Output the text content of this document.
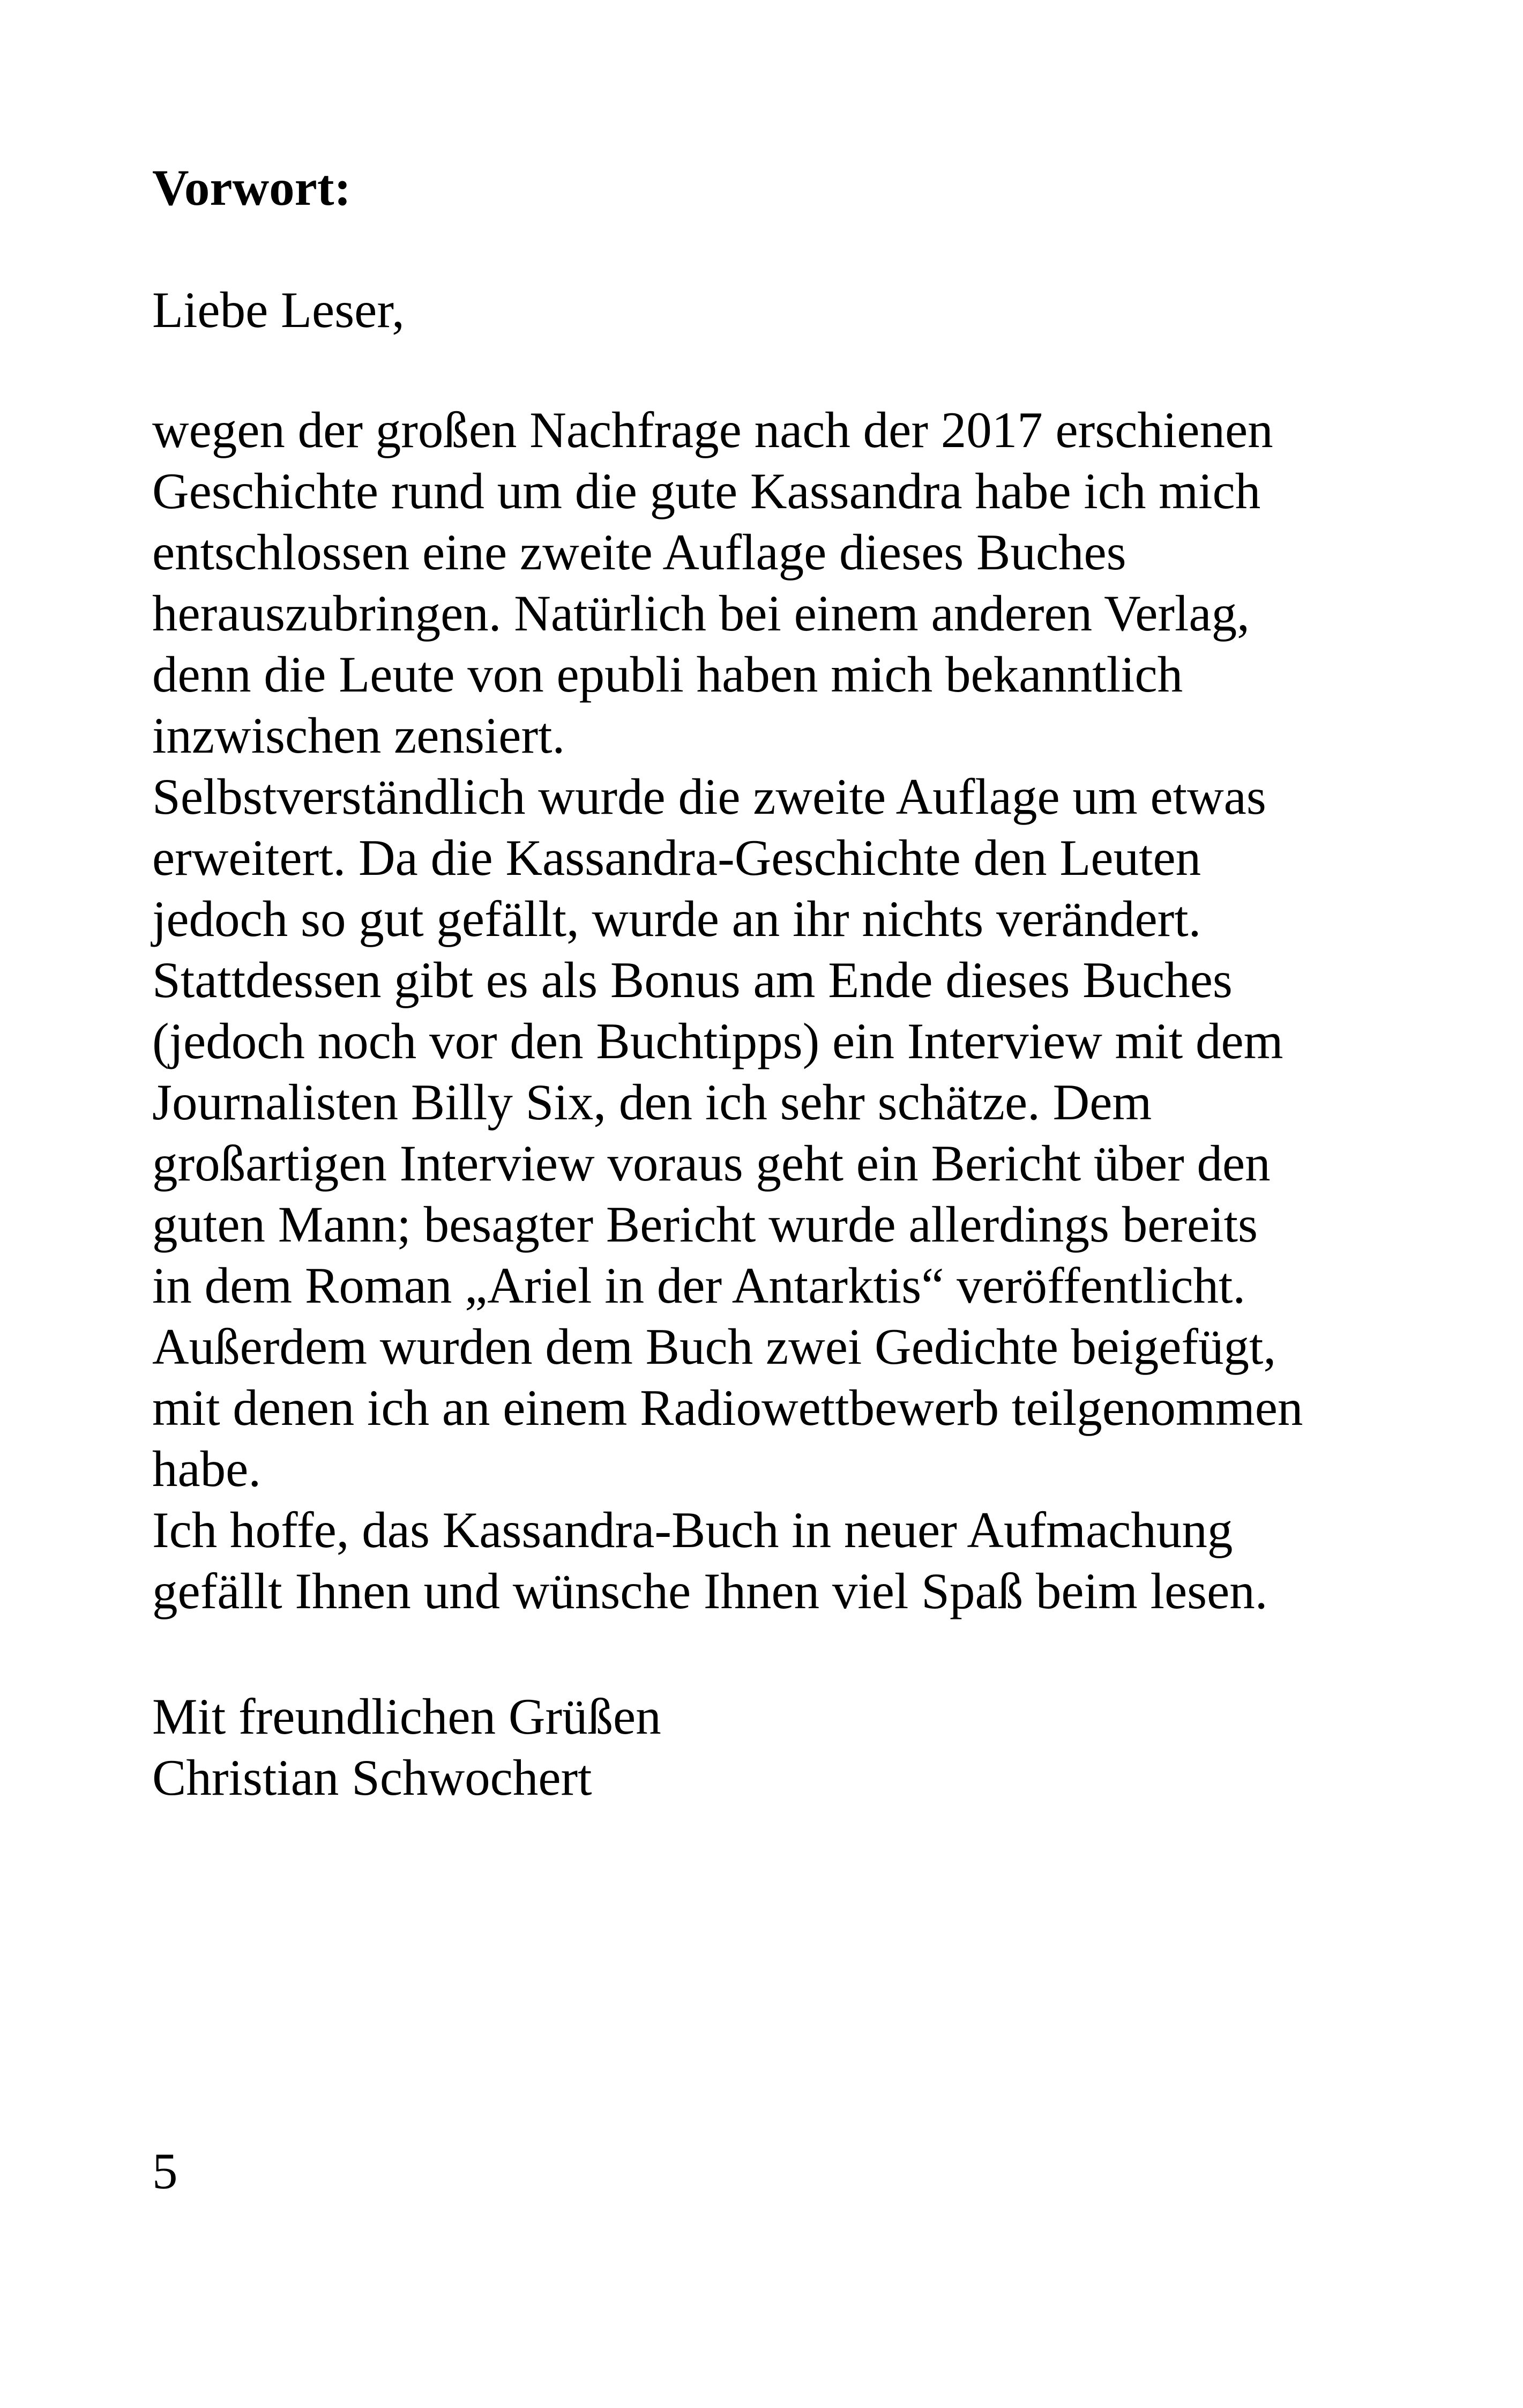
Vorwort:
Liebe Leser,
wegen der großen Nachfrage nach der 2017 erschienen
Geschichte rund um die gute Kassandra habe ich mich
entschlossen eine zweite Auflage dieses Buches
herauszubringen. Natürlich bei einem anderen Verlag,
denn die Leute von epubli haben mich bekanntlich
inzwischen zensiert.
Selbstverständlich wurde die zweite Auflage um etwas
erweitert. Da die Kassandra-Geschichte den Leuten
jedoch so gut gefällt, wurde an ihr nichts verändert.
Stattdessen gibt es als Bonus am Ende dieses Buches
(jedoch noch vor den Buchtipps) ein Interview mit dem
Journalisten Billy Six, den ich sehr schätze. Dem
großartigen Interview voraus geht ein Bericht über den
guten Mann; besagter Bericht wurde allerdings bereits
in dem Roman „Ariel in der Antarktis“ veröffentlicht.
Außerdem wurden dem Buch zwei Gedichte beigefügt,
mit denen ich an einem Radiowettbewerb teilgenommen
habe.
Ich hoffe, das Kassandra-Buch in neuer Aufmachung
gefällt Ihnen und wünsche Ihnen viel Spaß beim lesen.
Mit freundlichen Grüßen
Christian Schwochert
5
